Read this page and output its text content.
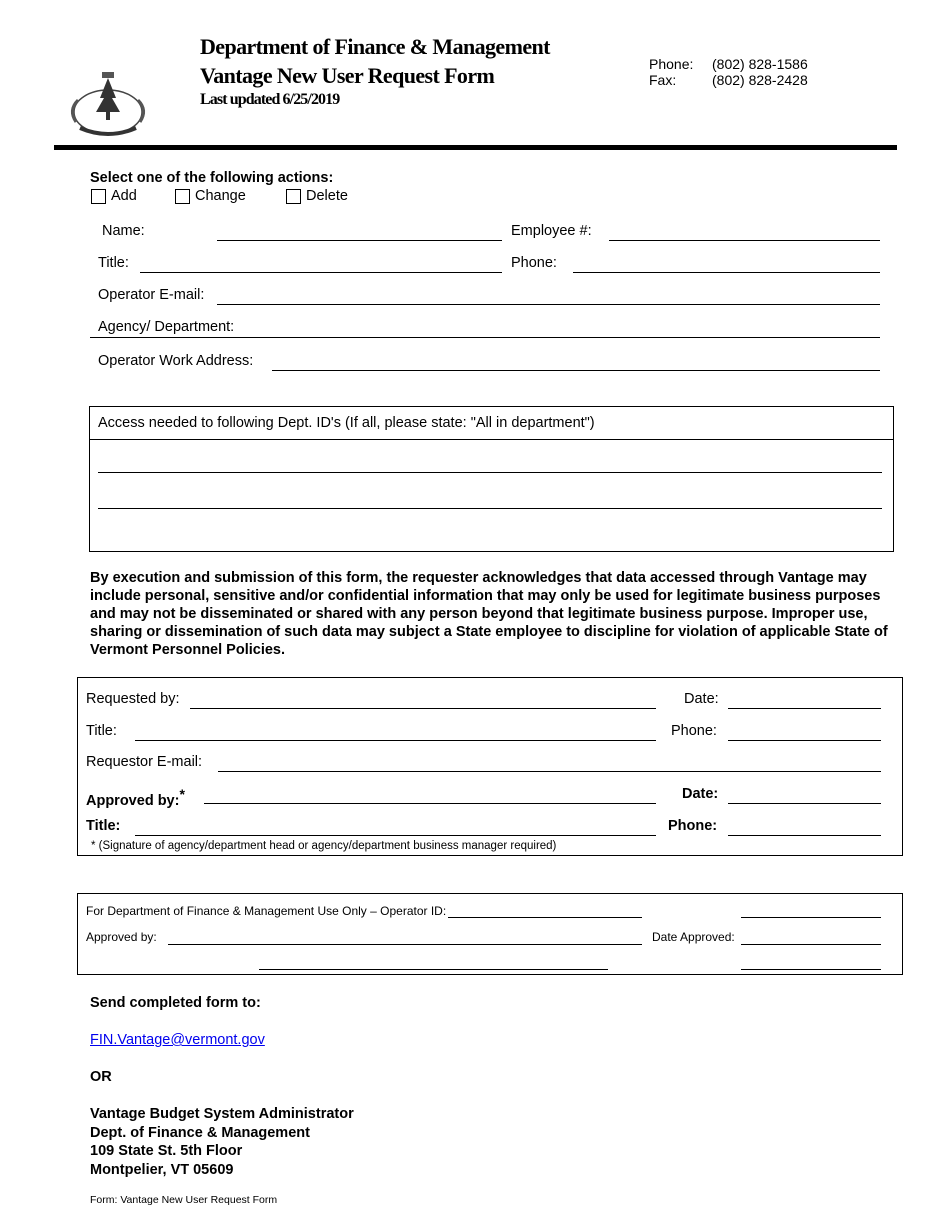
Department of Finance & Management
Vantage New User Request Form
Last updated 6/25/2019
Phone: (802) 828-1586
Fax:	(802) 828-2428
Select one of the following actions:
Add	Change	Delete
Name:	Employee #:
Title:	Phone:
Operator E-mail:
Agency/ Department:
Operator Work Address:
Access needed to following Dept. ID's (If all, please state: "All in department")
By execution and submission of this form, the requester acknowledges that data accessed through Vantage may include personal, sensitive and/or confidential information that may only be used for legitimate business purposes and may not be disseminated or shared with any person beyond that legitimate business purpose. Improper use, sharing or dissemination of such data may subject a State employee to discipline for violation of applicable State of Vermont Personnel Policies.
Requested by:	Date:
Title:	Phone:
Requestor E-mail:
Approved by:*	Date:
Title:	Phone:
* (Signature of agency/department head or agency/department business manager required)
For Department of Finance & Management Use Only – Operator ID:
Approved by:	Date Approved:
Send completed form to:
FIN.Vantage@vermont.gov
OR
Vantage Budget System Administrator
Dept. of Finance & Management
109 State St. 5th Floor
Montpelier, VT 05609
Form: Vantage New User Request Form
